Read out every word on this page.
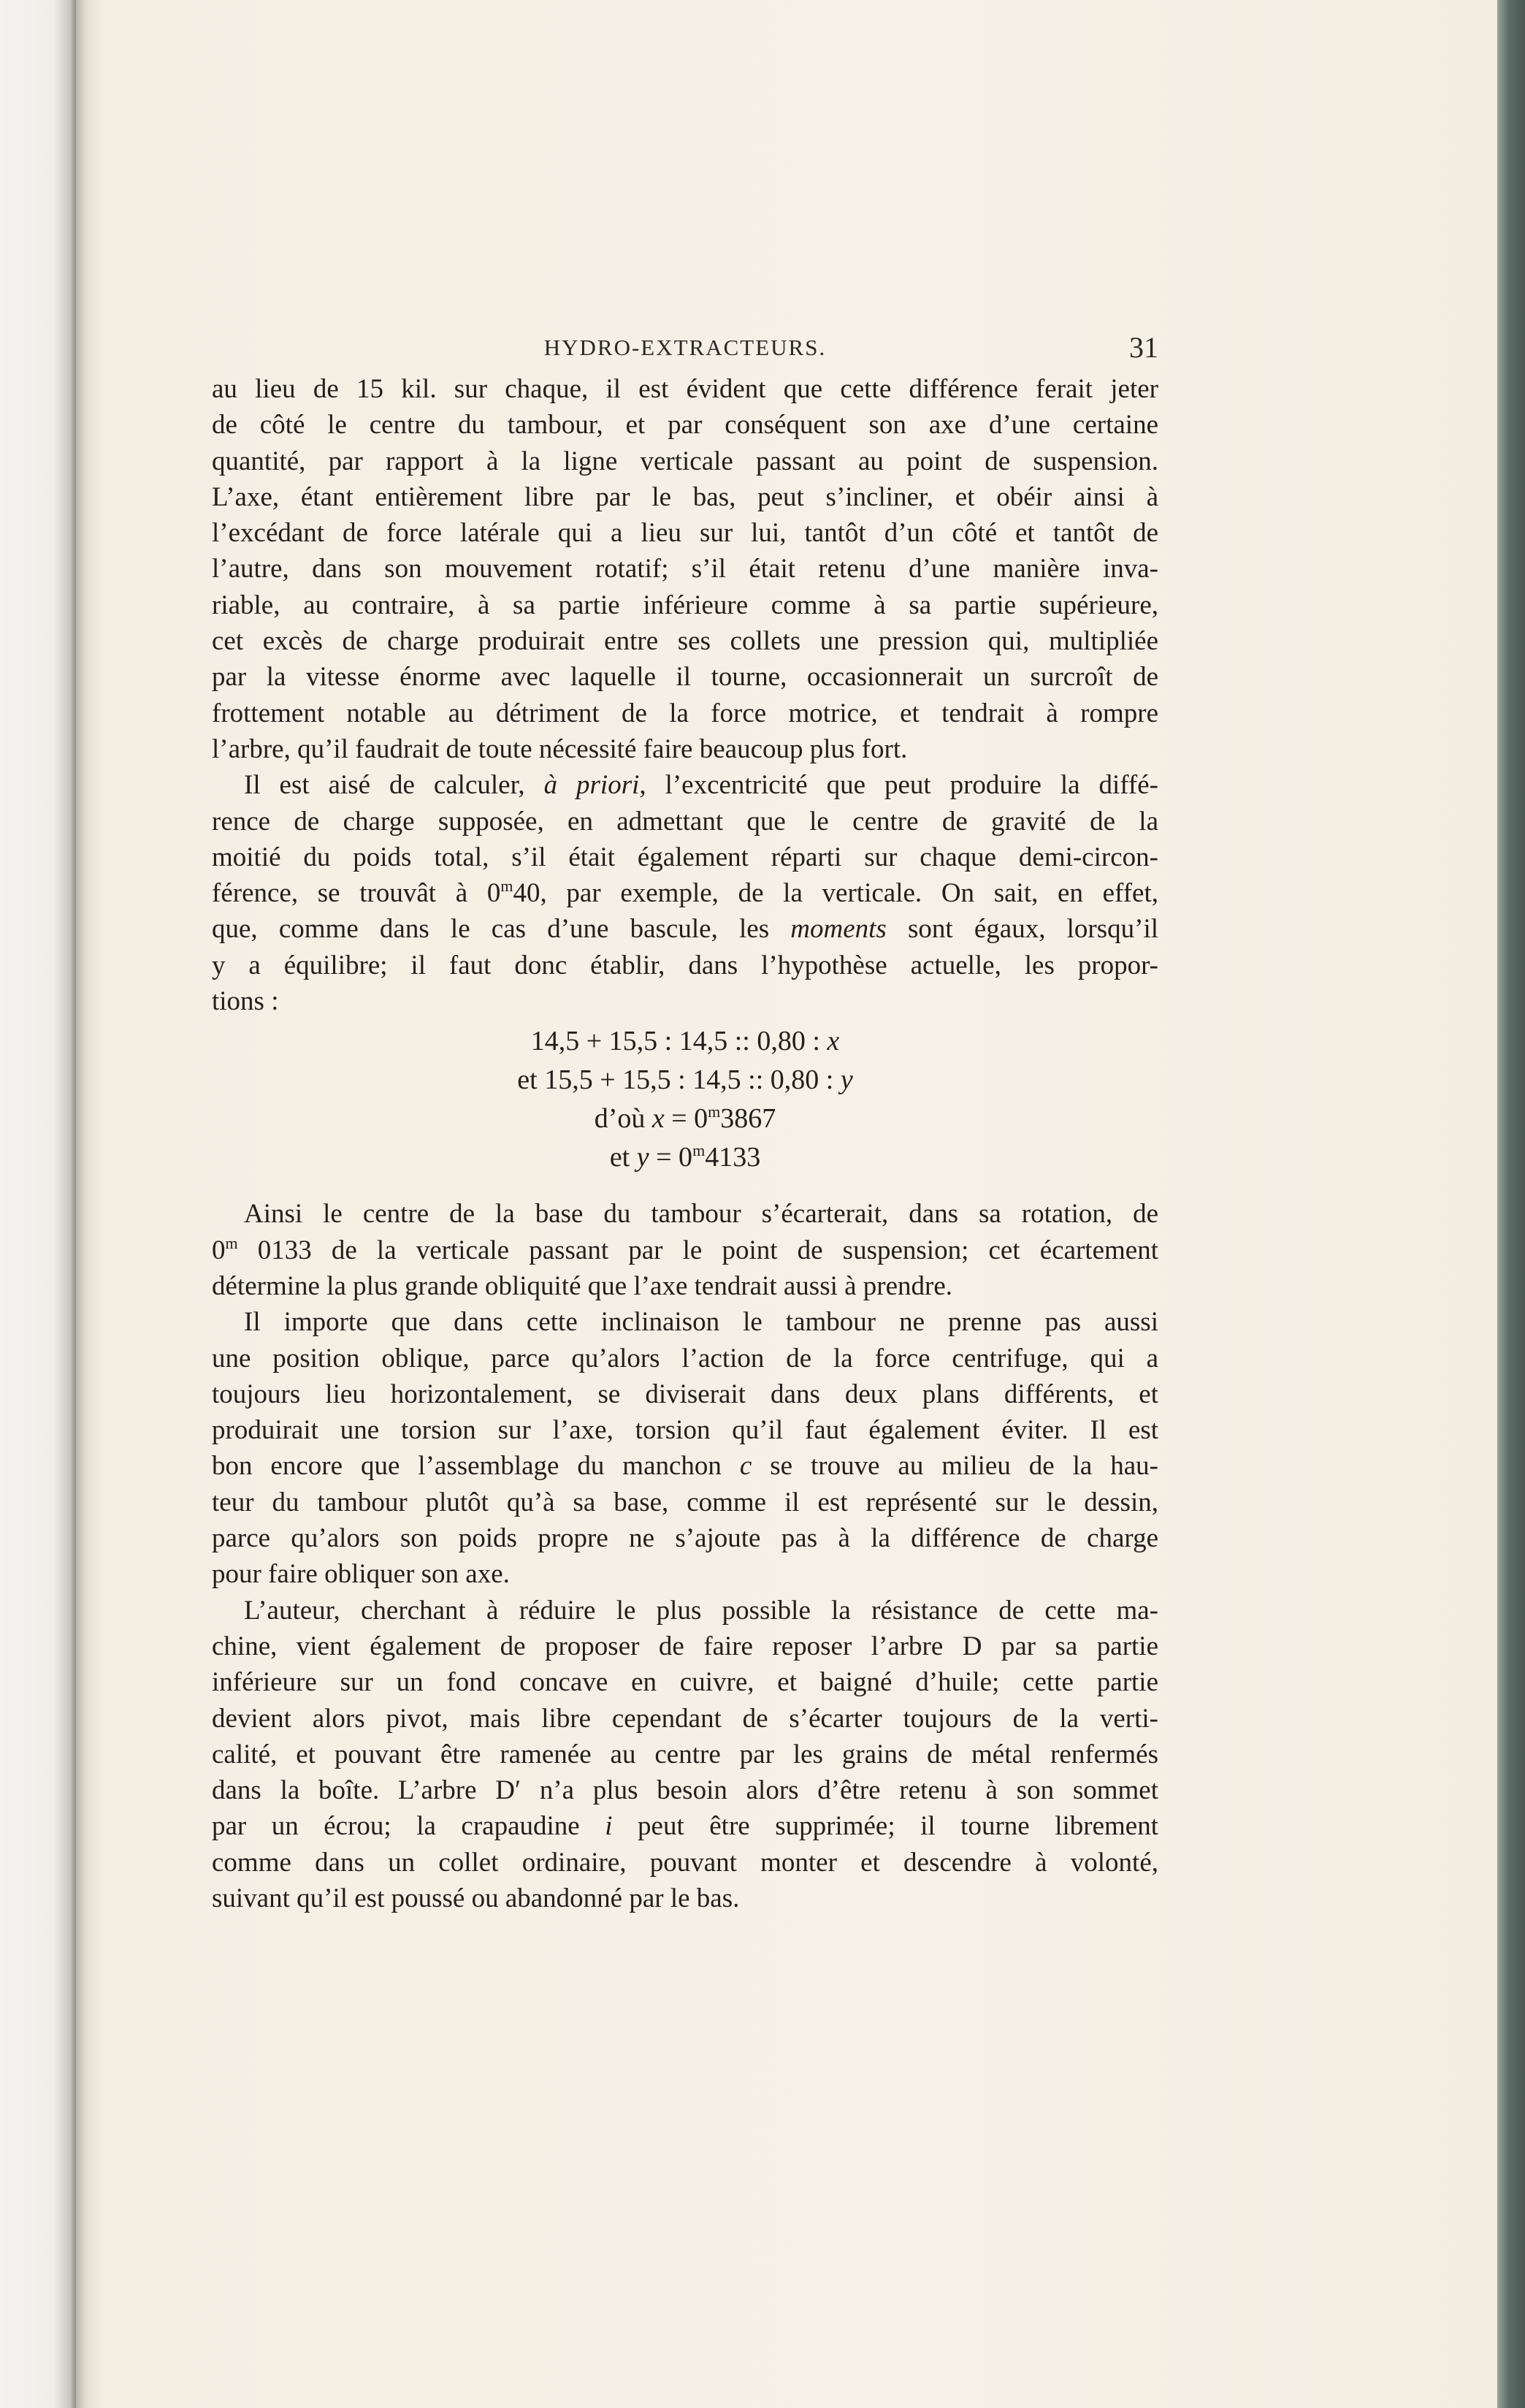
HYDRO-EXTRACTEURS.	31
au lieu de 15 kil. sur chaque, il est évident que cette différence ferait jeter
de côté le centre du tambour, et par conséquent son axe d’une certaine
quantité, par rapport à la ligne verticale passant au point de suspension.
L’axe, étant entièrement libre par le bas, peut s’incliner, et obéir ainsi à
l’excédant de force latérale qui a lieu sur lui, tantôt d’un côté et tantôt de
l’autre, dans son mouvement rotatif; s’il était retenu d’une manière inva-
riable, au contraire, à sa partie inférieure comme à sa partie supérieure,
cet excès de charge produirait entre ses collets une pression qui, multipliée
par la vitesse énorme avec laquelle il tourne, occasionnerait un surcroît de
frottement notable au détriment de la force motrice, et tendrait à rompre
l’arbre, qu’il faudrait de toute nécessité faire beaucoup plus fort.
Il est aisé de calculer, à priori, l’excentricité que peut produire la diffé-
rence de charge supposée, en admettant que le centre de gravité de la
moitié du poids total, s’il était également réparti sur chaque demi-circon-
férence, se trouvât à 0$^m$40, par exemple, de la verticale. On sait, en effet,
que, comme dans le cas d’une bascule, les moments sont égaux, lorsqu’il
y a équilibre; il faut donc établir, dans l’hypothèse actuelle, les propor-
tions :
14,5 + 15,5 : 14,5 :: 0,80 : x
et 15,5 + 15,5 : 14,5 :: 0,80 : y
d’où $x = 0^m3867$
et $y = 0^m4133$
Ainsi le centre de la base du tambour s’écarterait, dans sa rotation, de
0$^m$ 0133 de la verticale passant par le point de suspension; cet écartement
détermine la plus grande obliquité que l’axe tendrait aussi à prendre.
Il importe que dans cette inclinaison le tambour ne prenne pas aussi
une position oblique, parce qu’alors l’action de la force centrifuge, qui a
toujours lieu horizontalement, se diviserait dans deux plans différents, et
produirait une torsion sur l’axe, torsion qu’il faut également éviter. Il est
bon encore que l’assemblage du manchon c se trouve au milieu de la hau-
teur du tambour plutôt qu’à sa base, comme il est représenté sur le dessin,
parce qu’alors son poids propre ne s’ajoute pas à la différence de charge
pour faire obliquer son axe.
L’auteur, cherchant à réduire le plus possible la résistance de cette ma-
chine, vient également de proposer de faire reposer l’arbre D par sa partie
inférieure sur un fond concave en cuivre, et baigné d’huile; cette partie
devient alors pivot, mais libre cependant de s’écarter toujours de la verti-
calité, et pouvant être ramenée au centre par les grains de métal renfermés
dans la boîte. L’arbre D′ n’a plus besoin alors d’être retenu à son sommet
par un écrou; la crapaudine i peut être supprimée; il tourne librement
comme dans un collet ordinaire, pouvant monter et descendre à volonté,
suivant qu’il est poussé ou abandonné par le bas.
